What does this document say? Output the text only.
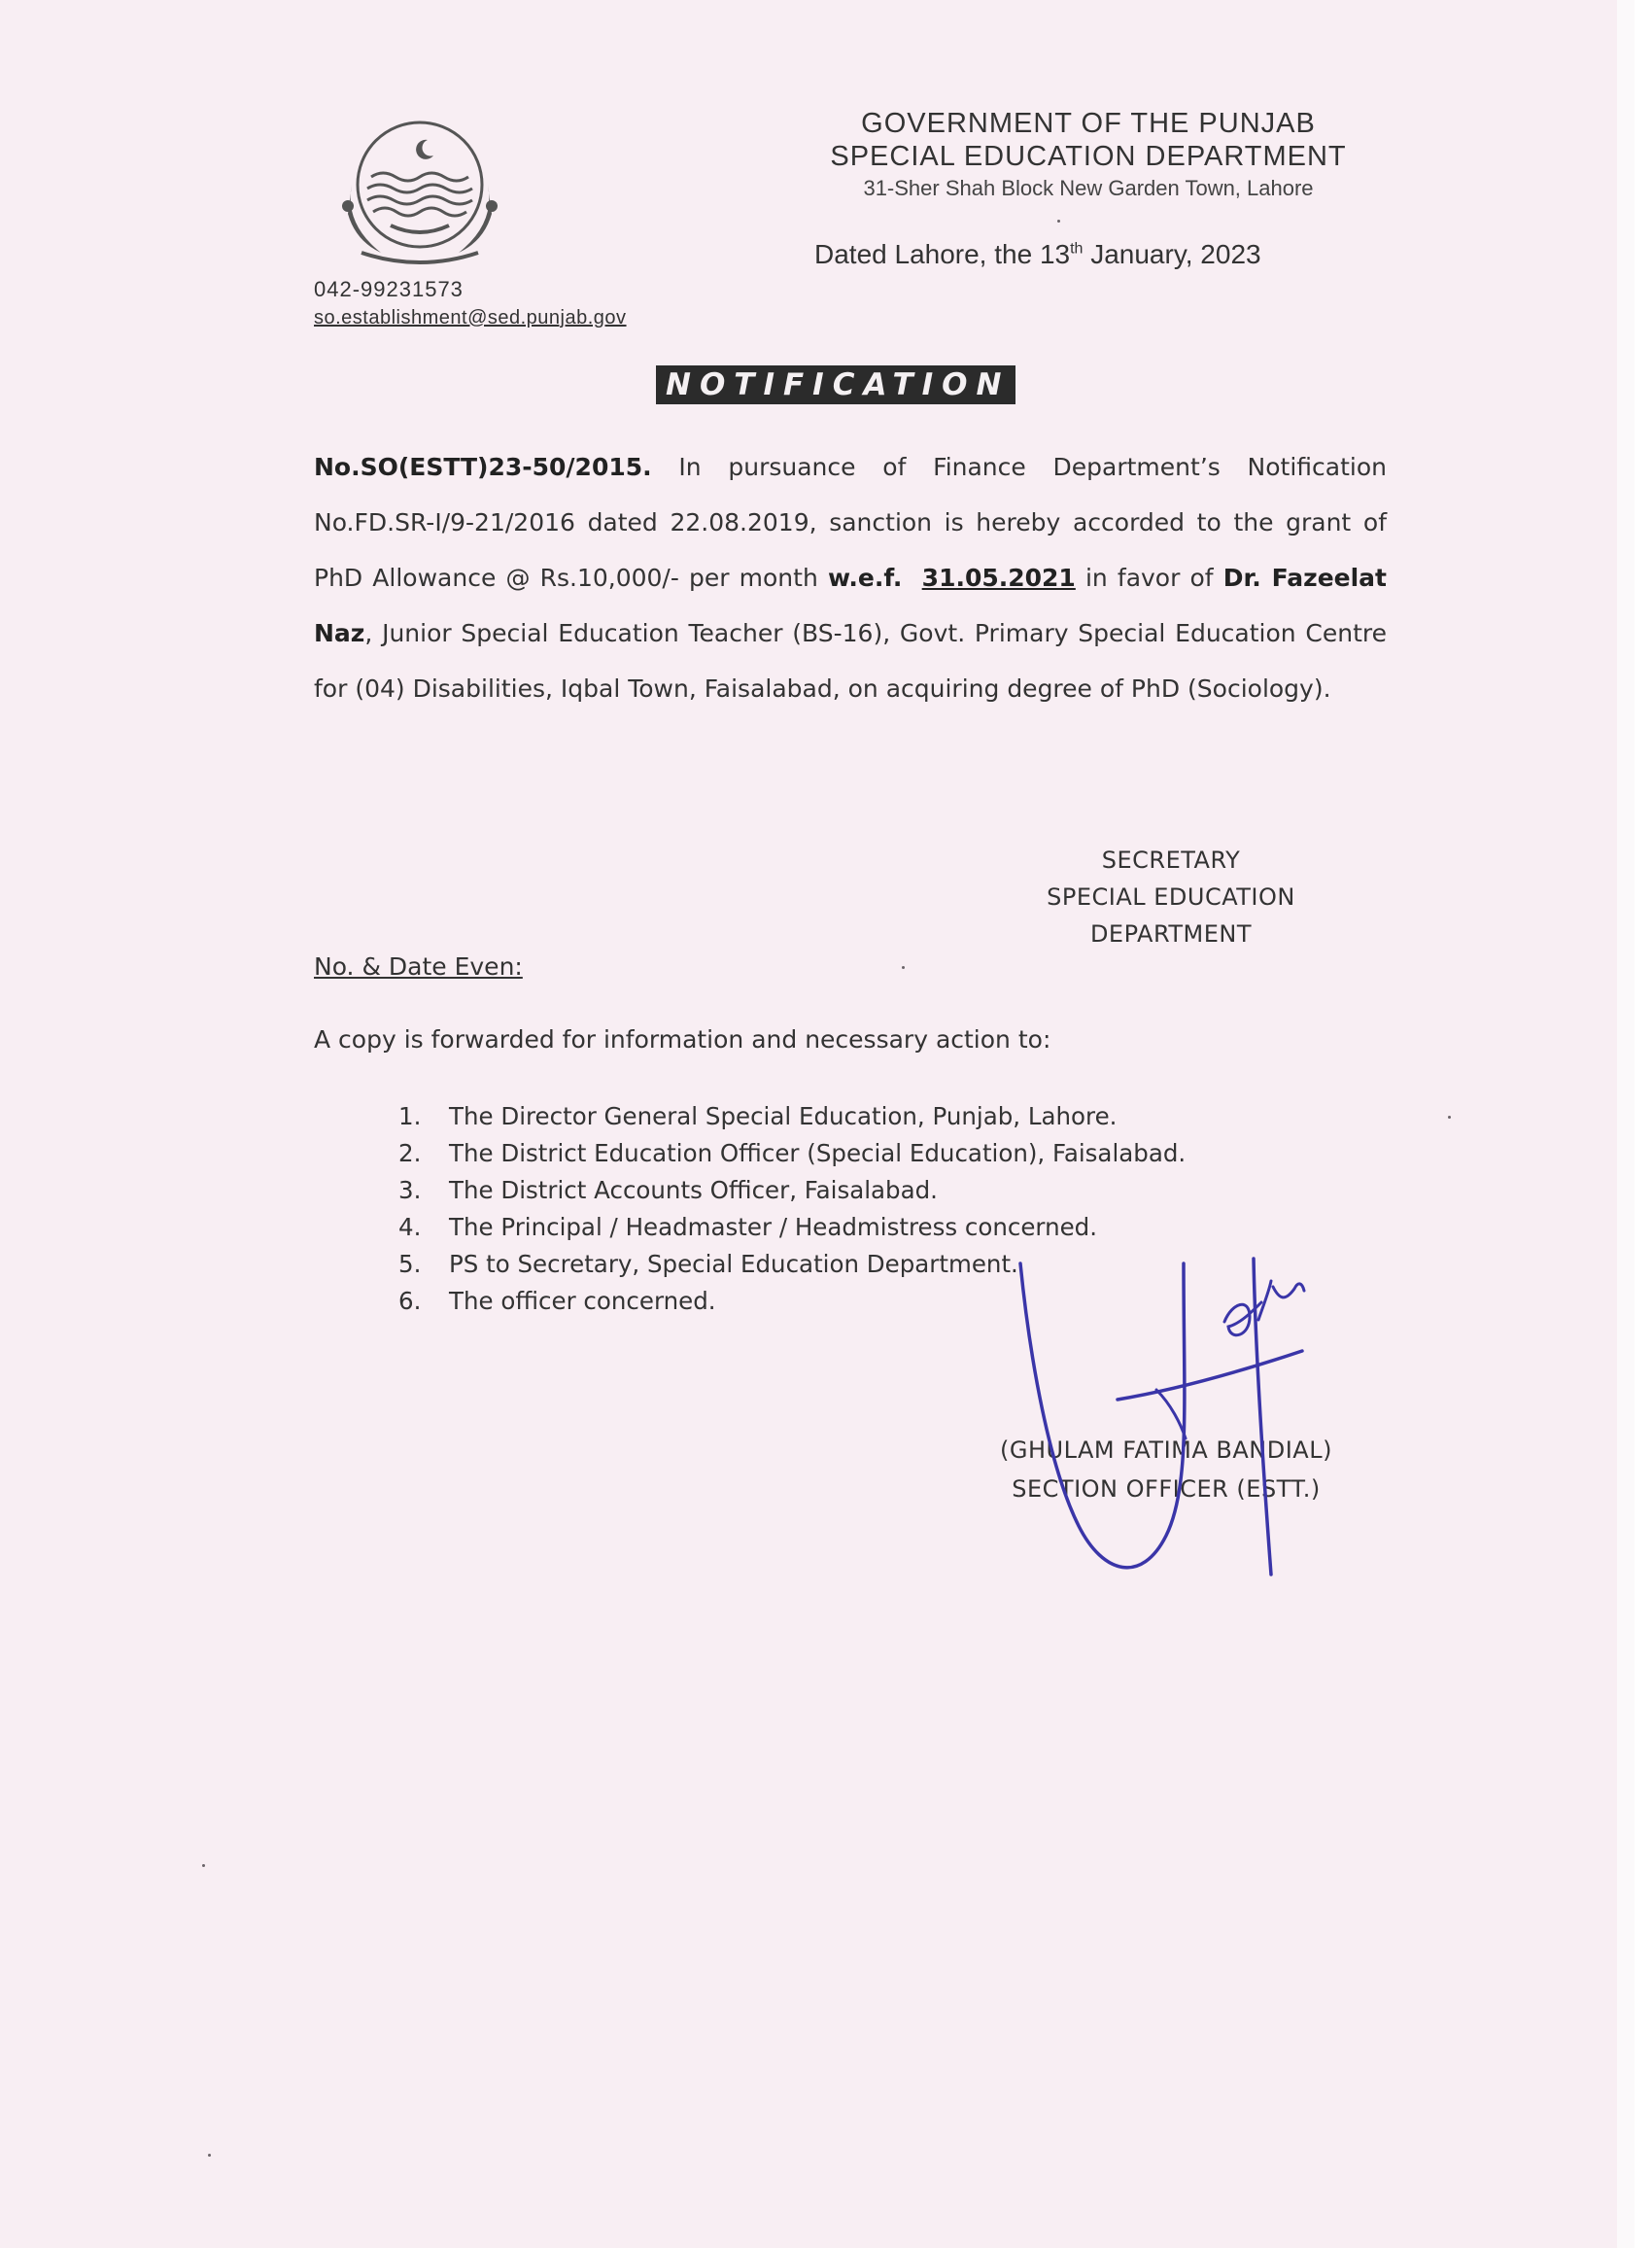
GOVERNMENT OF THE PUNJAB
SPECIAL EDUCATION DEPARTMENT
31-Sher Shah Block New Garden Town, Lahore
Dated Lahore, the 13th January, 2023
042-99231573
so.establishment@sed.punjab.gov
NOTIFICATION
No.SO(ESTT)23-50/2015. In pursuance of Finance Department’s Notification No.FD.SR-I/9-21/2016 dated 22.08.2019, sanction is hereby accorded to the grant of PhD Allowance @ Rs.10,000/- per month w.e.f. 31.05.2021 in favor of Dr. Fazeelat Naz, Junior Special Education Teacher (BS-16), Govt. Primary Special Education Centre for (04) Disabilities, Iqbal Town, Faisalabad, on acquiring degree of PhD (Sociology).
SECRETARY
SPECIAL EDUCATION
DEPARTMENT
No. & Date Even:
A copy is forwarded for information and necessary action to:
1.	The Director General Special Education, Punjab, Lahore.
2.	The District Education Officer (Special Education), Faisalabad.
3.	The District Accounts Officer, Faisalabad.
4.	The Principal / Headmaster / Headmistress concerned.
5.	PS to Secretary, Special Education Department.
6.	The officer concerned.
(GHULAM FATIMA BANDIAL)
SECTION OFFICER (ESTT.)
